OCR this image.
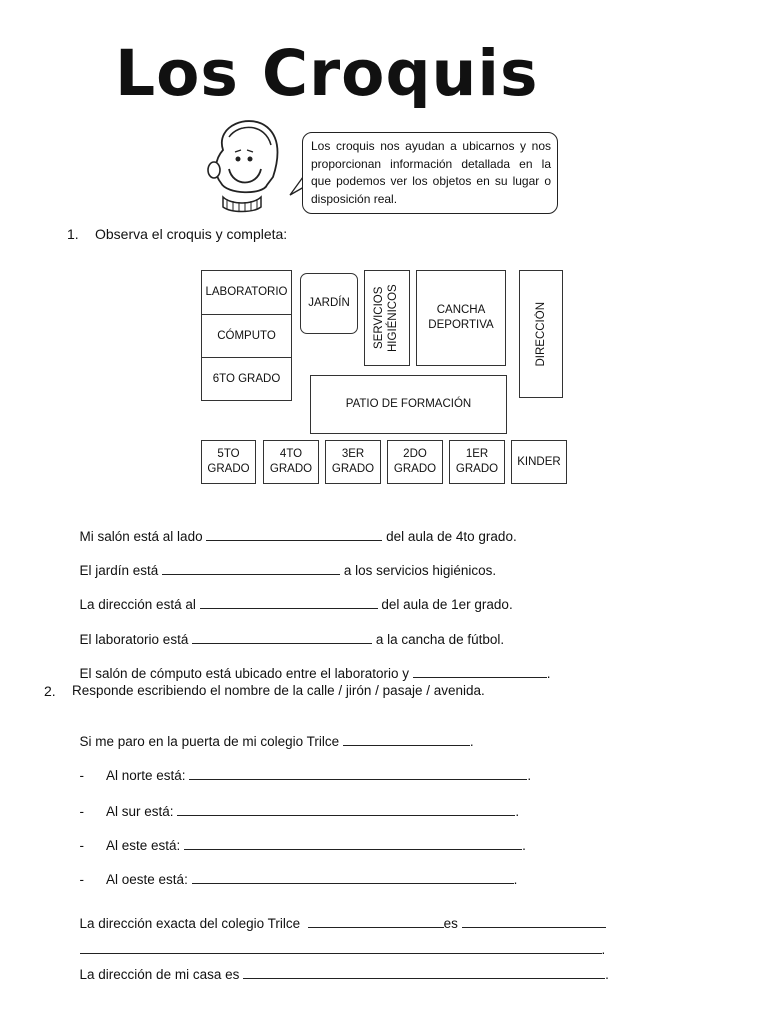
Los Croquis
Los croquis nos ayudan a ubicarnos y nos proporcionan información detallada en la que podemos ver los objetos en su lugar o disposición real.
1. Observa el croquis y completa:
LABORATORIO
CÓMPUTO
6TO GRADO
JARDÍN	SERVICIOS HIGIÉNICOS	CANCHA DEPORTIVA	DIRECCIÓN
PATIO DE FORMACIÓN
5TO GRADO
4TO GRADO
3ER GRADO
2DO GRADO
1ER GRADO
KINDER

Mi salón está al lado	del aula de 4to grado.

El jardín está	a los servicios higiénicos.

La dirección está al	del aula de 1er grado.

El laboratorio está	a la cancha de fútbol.

El salón de cómputo está ubicado entre el laboratorio y	.

2. Responde escribiendo el nombre de la calle / jirón / pasaje / avenida.

Si me paro en la puerta de mi colegio Trilce	.

- Al norte está:	.

- Al sur está:	.

- Al este está:	.

- Al oeste está:	.

La dirección exacta del colegio Trilce	es

.

La dirección de mi casa es	.
